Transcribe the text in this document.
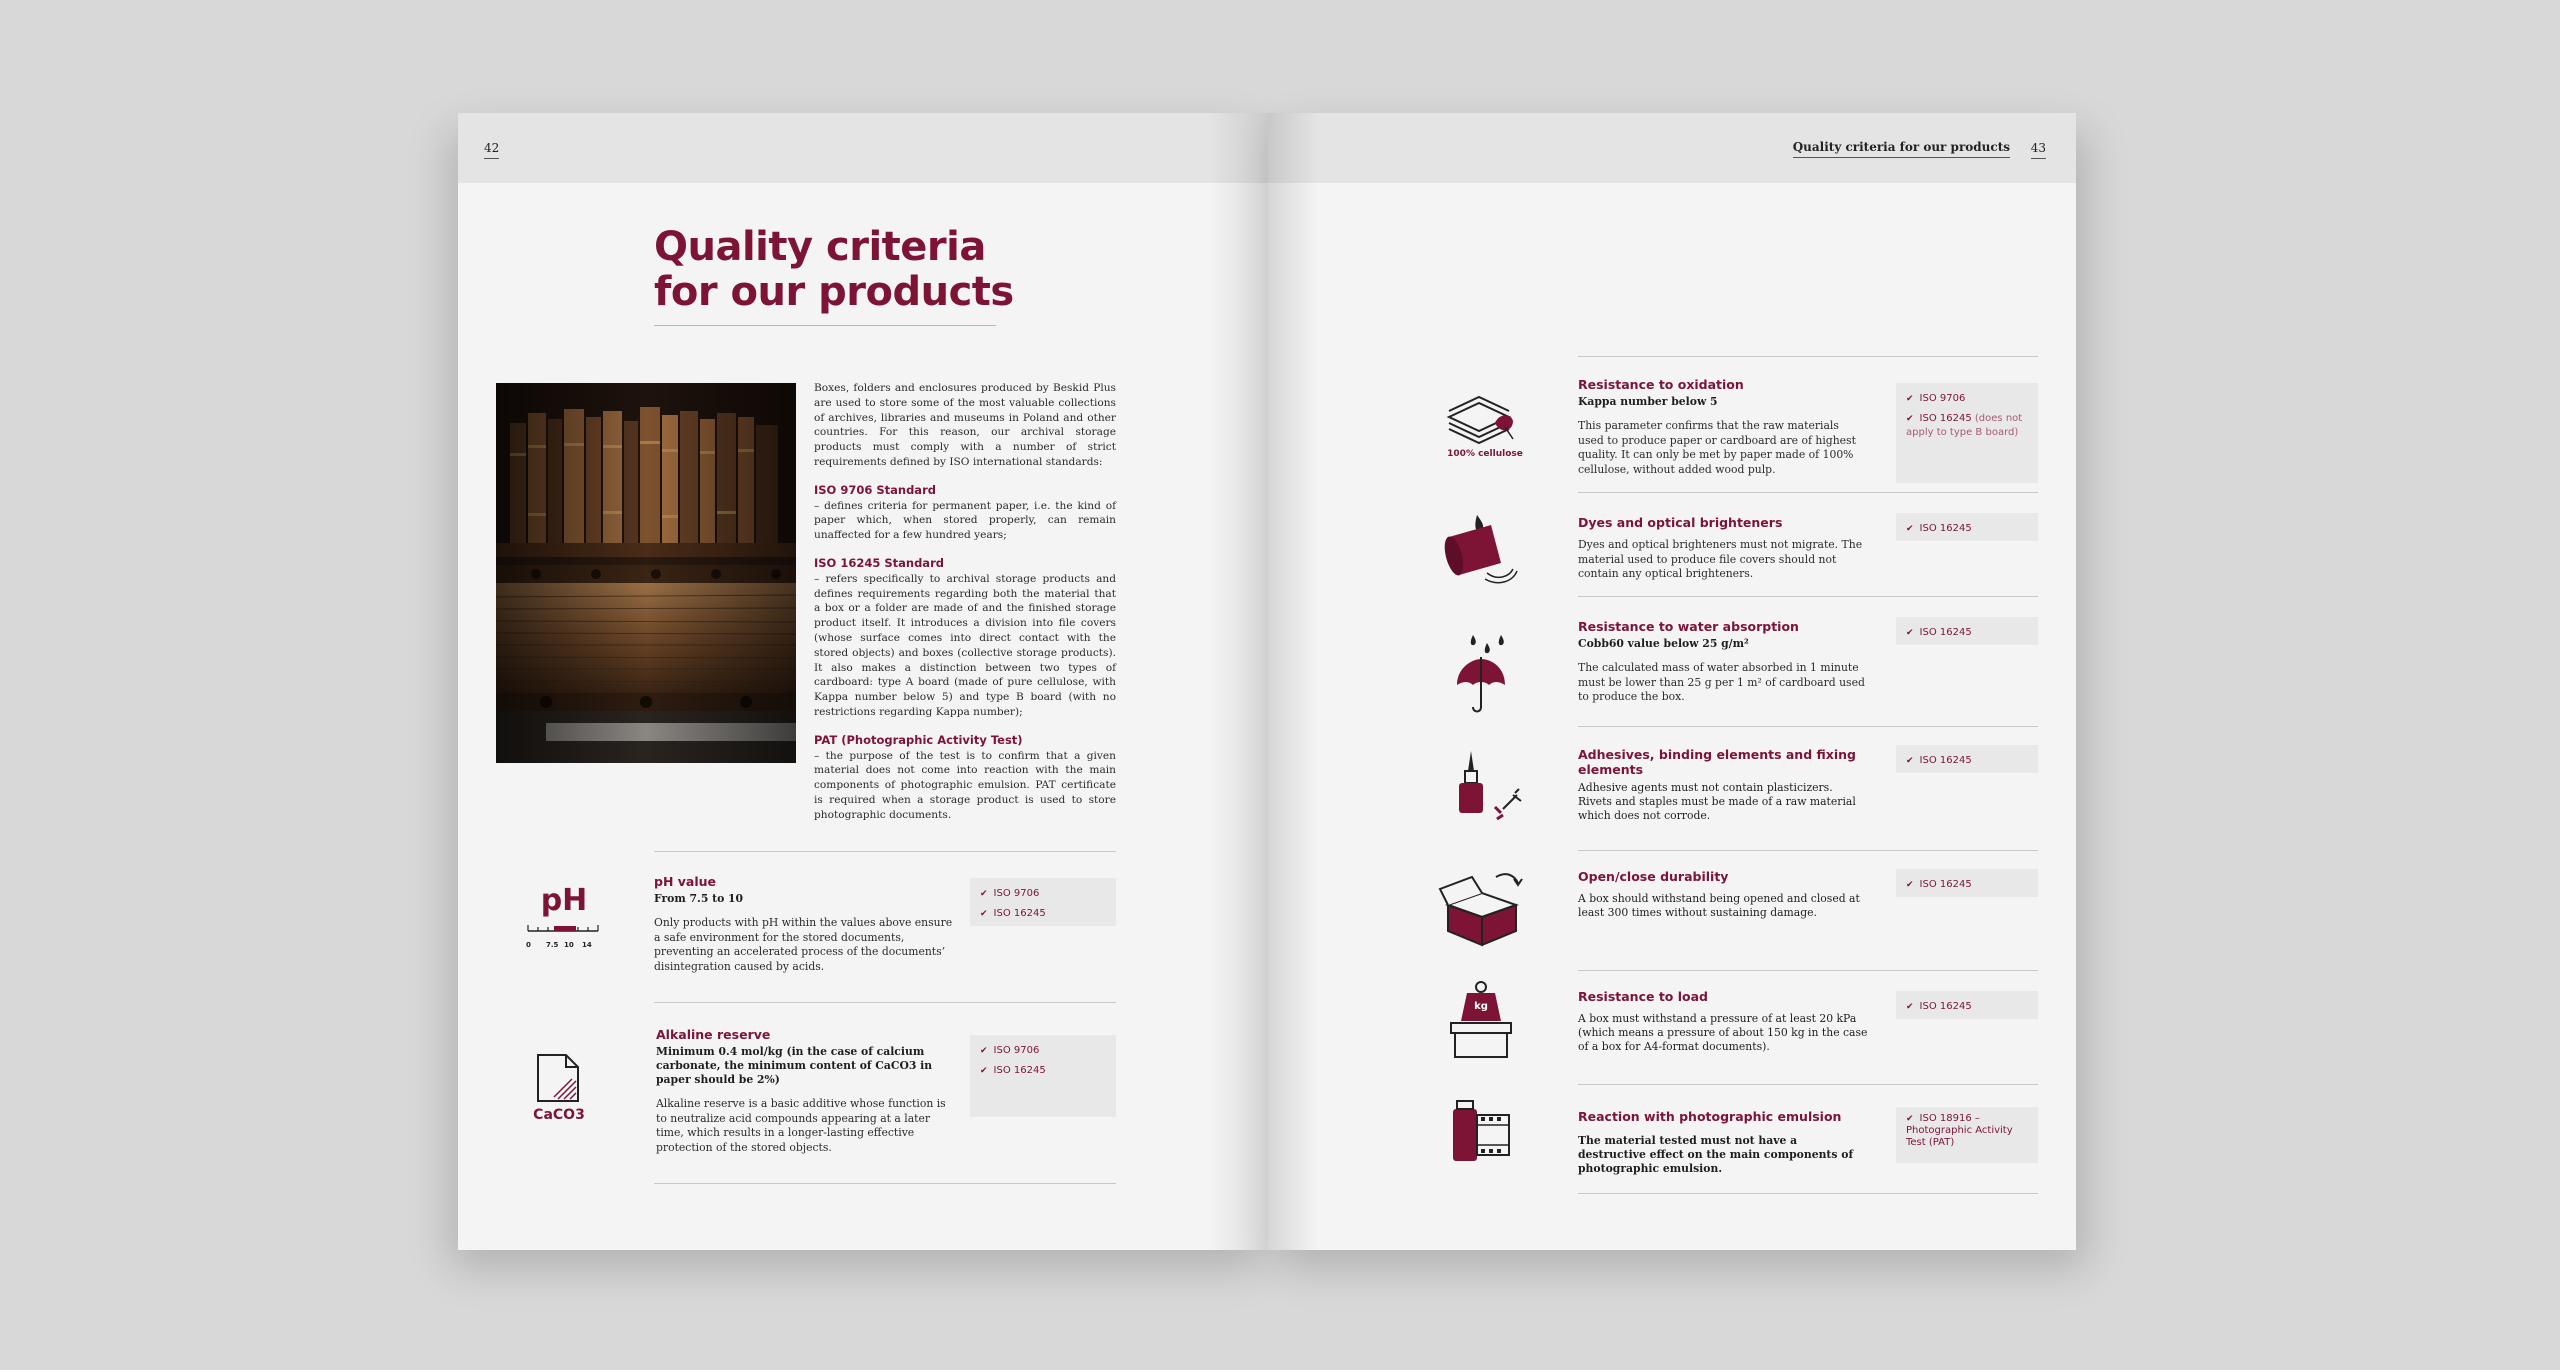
42
Quality criteria
for our products

Boxes, folders and enclosures produced by Beskid Plus are used to store some of the most valuable collections of archives, libraries and museums in Poland and other countries. For this reason, our archival storage products must comply with a number of strict requirements defined by ISO international standards:

ISO 9706 Standard
– defines criteria for permanent paper, i.e. the kind of paper which, when stored properly, can remain unaffected for a few hundred years;

ISO 16245 Standard
– refers specifically to archival storage products and defines requirements regarding both the material that a box or a folder are made of and the finished storage product itself. It introduces a division into file covers (whose surface comes into direct contact with the stored objects) and boxes (collective storage products). It also makes a distinction between two types of cardboard: type A board (made of pure cellulose, with Kappa number below 5) and type B board (with no restrictions regarding Kappa number);

PAT (Photographic Activity Test)
– the purpose of the test is to confirm that a given material does not come into reaction with the main components of photographic emulsion. PAT certificate is required when a storage product is used to store photographic documents.

pH value
From 7.5 to 10
Only products with pH within the values above ensure a safe environment for the stored documents, preventing an accelerated process of the documents’ disintegration caused by acids.
✔ ISO 9706
✔ ISO 16245
pH
0 7.5 10 14
Alkaline reserve
Minimum 0.4 mol/kg (in the case of calcium carbonate, the minimum content of CaCO3 in paper should be 2%)
Alkaline reserve is a basic additive whose function is to neutralize acid compounds appearing at a later time, which results in a longer-lasting effective protection of the stored objects.
✔ ISO 9706
✔ ISO 16245
CaCO3
Quality criteria for our products 43
Resistance to oxidation
Kappa number below 5
This parameter confirms that the raw materials used to produce paper or cardboard are of highest quality. It can only be met by paper made of 100% cellulose, without added wood pulp.
✔ ISO 9706
✔ ISO 16245 (does not apply to type B board)
100% cellulose
Dyes and optical brighteners
Dyes and optical brighteners must not migrate. The material used to produce file covers should not contain any optical brighteners.
✔ ISO 16245
Resistance to water absorption
Cobb60 value below 25 g/m²
The calculated mass of water absorbed in 1 minute must be lower than 25 g per 1 m² of cardboard used to produce the box.
✔ ISO 16245
Adhesives, binding elements and fixing elements
Adhesive agents must not contain plasticizers. Rivets and staples must be made of a raw material which does not corrode.
✔ ISO 16245
Open/close durability
A box should withstand being opened and closed at least 300 times without sustaining damage.
✔ ISO 16245
Resistance to load
A box must withstand a pressure of at least 20 kPa (which means a pressure of about 150 kg in the case of a box for A4-format documents).
✔ ISO 16245
kg
Reaction with photographic emulsion
The material tested must not have a destructive effect on the main components of photographic emulsion.
✔ ISO 18916 – Photographic Activity Test (PAT)
